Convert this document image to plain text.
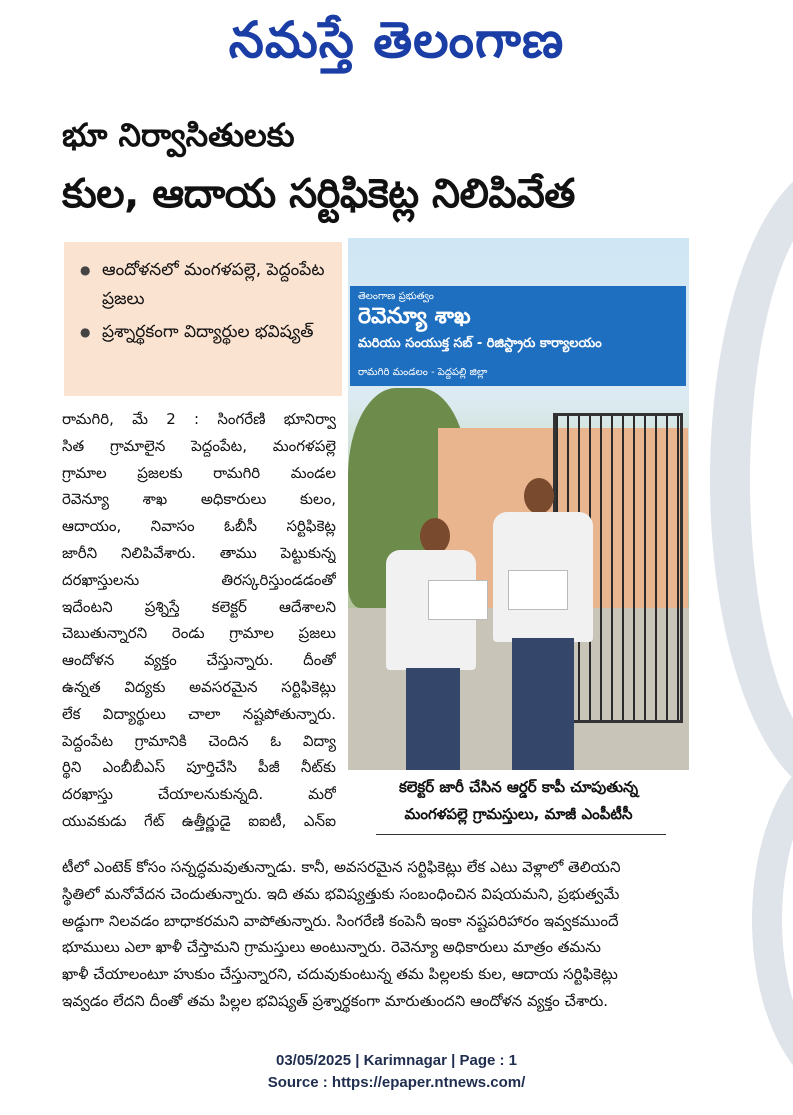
నమస్తే తెలంగాణ
భూ నిర్వాసితులకు
కుల, ఆదాయ సర్టిఫికెట్ల నిలిపివేత
● ఆందోళనలో మంగళపల్లె, పెద్దంపేట ప్రజలు
● ప్రశ్నార్థకంగా విద్యార్థుల భవిష్యత్
తెలంగాణ ప్రభుత్వం
రెవెన్యూ శాఖ
మరియు సంయుక్త సబ్ - రిజిస్ట్రారు కార్యాలయం
రామగిరి మండలం - పెద్దపల్లి జిల్లా
కలెక్టర్ జారీ చేసిన ఆర్డర్ కాపీ చూపుతున్న
మంగళపల్లె గ్రామస్తులు, మాజీ ఎంపీటీసీ

రామగిరి, మే 2 : సింగరేణి భూనిర్వా

సిత గ్రామాలైన పెద్దంపేట, మంగళపల్లె

గ్రామాల ప్రజలకు రామగిరి మండల

రెవెన్యూ శాఖ అధికారులు కులం,

ఆదాయం, నివాసం ఓబీసీ సర్టిఫికెట్ల

జారీని నిలిపివేశారు. తాము పెట్టుకున్న

దరఖాస్తులను తిరస్కరిస్తుండడంతో

ఇదేంటని ప్రశ్నిస్తే కలెక్టర్ ఆదేశాలని

చెబుతున్నారని రెండు గ్రామాల ప్రజలు

ఆందోళన వ్యక్తం చేస్తున్నారు. దీంతో

ఉన్నత విద్యకు అవసరమైన సర్టిఫికెట్లు

లేక విద్యార్థులు చాలా నష్టపోతున్నారు.

పెద్దంపేట గ్రామానికి చెందిన ఓ విద్యా

ర్థిని ఎంబీబీఎస్ పూర్తిచేసి పీజీ నీట్‌కు

దరఖాస్తు చేయాలనుకున్నది. మరో

యువకుడు గేట్ ఉత్తీర్ణుడై ఐఐటీ, ఎన్ఐ

టీలో ఎంటెక్ కోసం సన్నద్ధమవుతున్నాడు. కానీ, అవసరమైన సర్టిఫికెట్లు లేక ఎటు వెళ్లాలో తెలియని

స్థితిలో మనోవేదన చెందుతున్నారు. ఇది తమ భవిష్యత్తుకు సంబంధించిన విషయమని, ప్రభుత్వమే

అడ్డుగా నిలవడం బాధాకరమని వాపోతున్నారు. సింగరేణి కంపెనీ ఇంకా నష్టపరిహారం ఇవ్వకముందే

భూములు ఎలా ఖాళీ చేస్తామని గ్రామస్తులు అంటున్నారు. రెవెన్యూ అధికారులు మాత్రం తమను

ఖాళీ చేయాలంటూ హుకుం చేస్తున్నారని, చదువుకుంటున్న తమ పిల్లలకు కుల, ఆదాయ సర్టిఫికెట్లు

ఇవ్వడం లేదని దీంతో తమ పిల్లల భవిష్యత్ ప్రశ్నార్థకంగా మారుతుందని ఆందోళన వ్యక్తం చేశారు.

03/05/2025 | Karimnagar | Page : 1
Source : https://epaper.ntnews.com/
